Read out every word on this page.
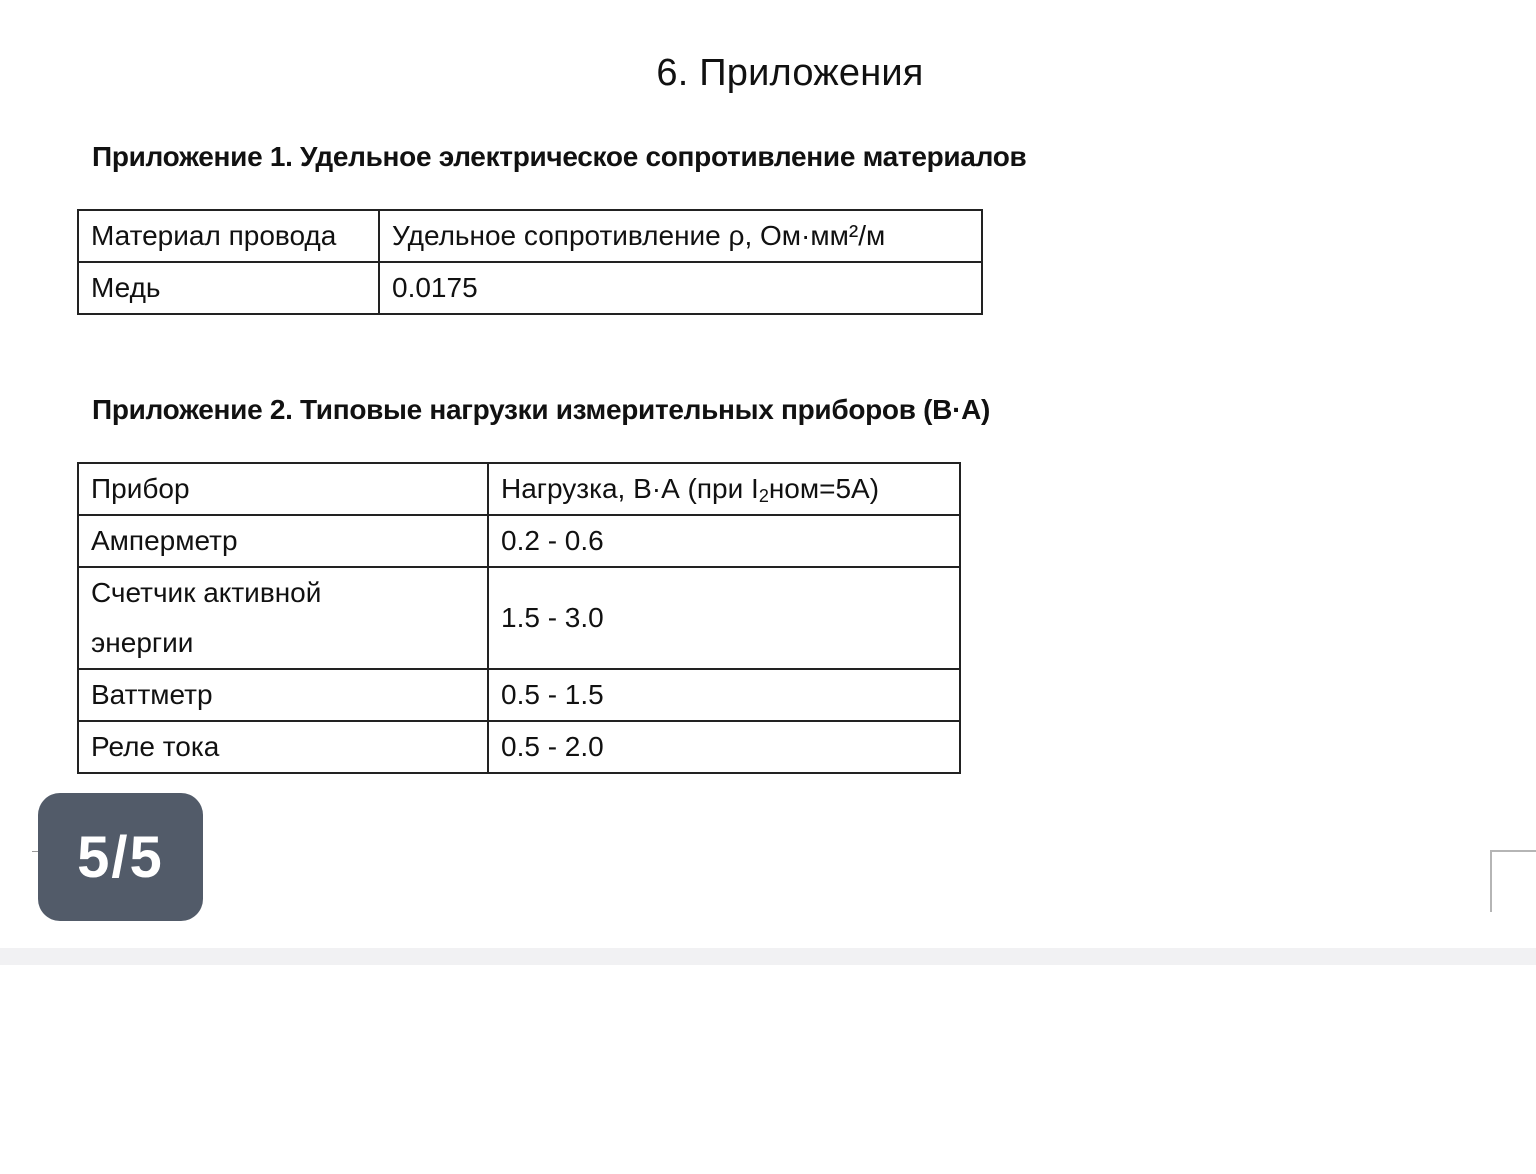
6. Приложения
Приложение 1. Удельное электрическое сопротивление материалов
Материал провода	Удельное сопротивление ρ, Ом·мм²/м
Медь	0.0175
Приложение 2. Типовые нагрузки измерительных приборов (В·А)
Прибор	Нагрузка, В·А (при $I_2ном=5А$)
Амперметр	0.2 - 0.6
Счетчик активной энергии	1.5 - 3.0
Ваттметр	0.5 - 1.5
Реле тока	0.5 - 2.0
5/5
